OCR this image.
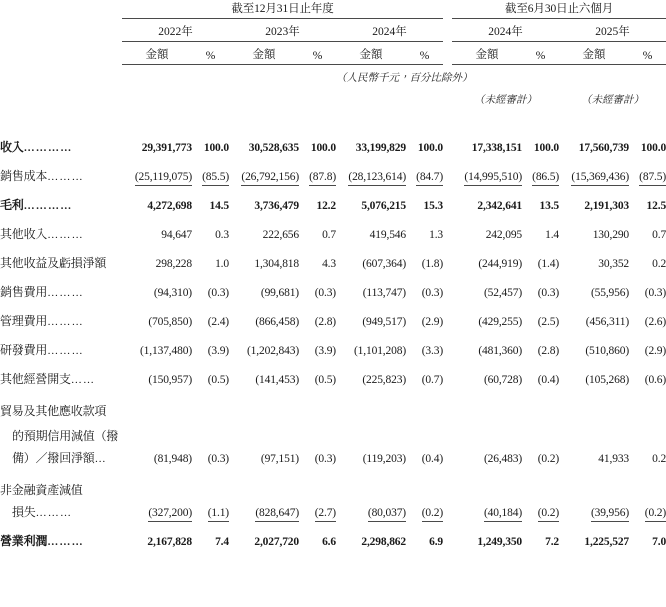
	截至12月31日止年度							截至6月30日止六個月			

	2022年		2023年		2024年			2024年		2025年	

	金額	%	金額	%	金額	%		金額	%	金額	%

					（人民幣千元，百分比除外）						
								（未經審計）		（未經審計）	

收入…………	29,391,773	100.0	30,528,635	100.0	33,199,829	100.0		17,338,151	100.0	17,560,739	100.0
銷售成本………	(25,119,075)	(85.5)	(26,792,156)	(87.8)	(28,123,614)	(84.7)		(14,995,510)	(86.5)	(15,369,436)	(87.5)
毛利…………	4,272,698	14.5	3,736,479	12.2	5,076,215	15.3		2,342,641	13.5	2,191,303	12.5
其他收入………	94,647	0.3	222,656	0.7	419,546	1.3		242,095	1.4	130,290	0.7
其他收益及虧損淨額	298,228	1.0	1,304,818	4.3	(607,364)	(1.8)		(244,919)	(1.4)	30,352	0.2
銷售費用………	(94,310)	(0.3)	(99,681)	(0.3)	(113,747)	(0.3)		(52,457)	(0.3)	(55,956)	(0.3)
管理費用………	(705,850)	(2.4)	(866,458)	(2.8)	(949,517)	(2.9)		(429,255)	(2.5)	(456,311)	(2.6)
研發費用………	(1,137,480)	(3.9)	(1,202,843)	(3.9)	(1,101,208)	(3.3)		(481,360)	(2.8)	(510,860)	(2.9)
其他經營開支……	(150,957)	(0.5)	(141,453)	(0.5)	(225,823)	(0.7)		(60,728)	(0.4)	(105,268)	(0.6)

貿易及其他應收款項											

的預期信用減值（撥											

備）／撥回淨額…	(81,948)	(0.3)	(97,151)	(0.3)	(119,203)	(0.4)		(26,483)	(0.2)	41,933	0.2

非金融資產減值											

損失………	(327,200)	(1.1)	(828,647)	(2.7)	(80,037)	(0.2)		(40,184)	(0.2)	(39,956)	(0.2)
營業利潤………	2,167,828	7.4	2,027,720	6.6	2,298,862	6.9		1,249,350	7.2	1,225,527	7.0
